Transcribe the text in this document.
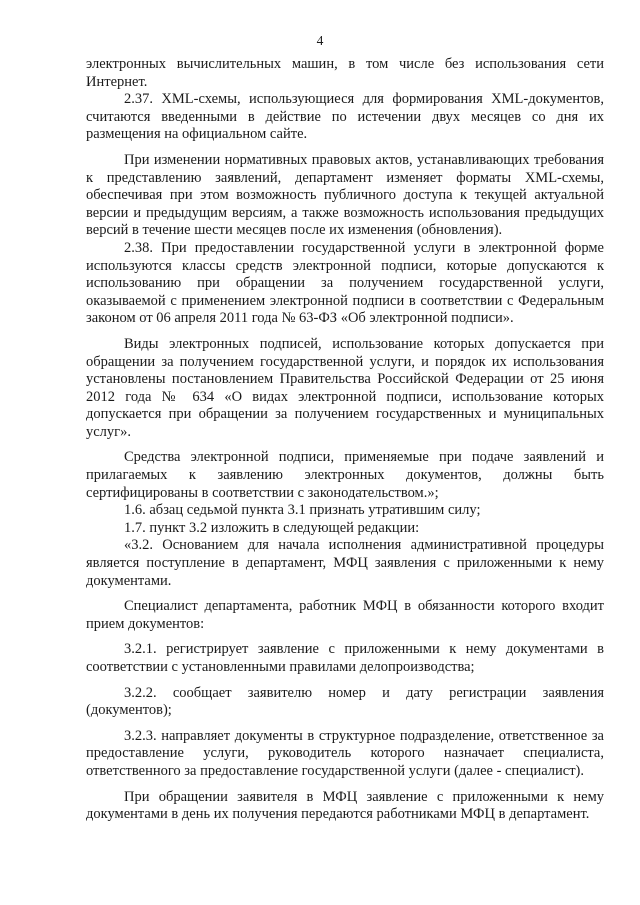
4

электронных вычислительных машин, в том числе без использования сети Интернет.

2.37. XML-схемы, использующиеся для формирования XML-документов, считаются введенными в действие по истечении двух месяцев со дня их размещения на официальном сайте.

При изменении нормативных правовых актов, устанавливающих требования к представлению заявлений, департамент изменяет форматы XML-схемы, обеспечивая при этом возможность публичного доступа к текущей актуальной версии и предыдущим версиям, а также возможность использования предыдущих версий в течение шести месяцев после их изменения (обновления).

2.38. При предоставлении государственной услуги в электронной форме используются классы средств электронной подписи, которые допускаются к использованию при обращении за получением государственной услуги, оказываемой с применением электронной подписи в соответствии с Федеральным законом от 06 апреля 2011 года № 63-ФЗ «Об электронной подписи».

Виды электронных подписей, использование которых допускается при обращении за получением государственной услуги, и порядок их использования установлены постановлением Правительства Российской Федерации от 25 июня 2012 года № 634 «О видах электронной подписи, использование которых допускается при обращении за получением государственных и муниципальных услуг».

Средства электронной подписи, применяемые при подаче заявлений и прилагаемых к заявлению электронных документов, должны быть сертифицированы в соответствии с законодательством.»;

1.6. абзац седьмой пункта 3.1 признать утратившим силу;

1.7. пункт 3.2 изложить в следующей редакции:

«3.2. Основанием для начала исполнения административной процедуры является поступление в департамент, МФЦ заявления с приложенными к нему документами.

Специалист департамента, работник МФЦ в обязанности которого входит прием документов:

3.2.1. регистрирует заявление с приложенными к нему документами в соответствии с установленными правилами делопроизводства;

3.2.2. сообщает заявителю номер и дату регистрации заявления (документов);

3.2.3. направляет документы в структурное подразделение, ответственное за предоставление услуги, руководитель которого назначает специалиста, ответственного за предоставление государственной услуги (далее - специалист).

При обращении заявителя в МФЦ заявление с приложенными к нему документами в день их получения передаются работниками МФЦ в департамент.
